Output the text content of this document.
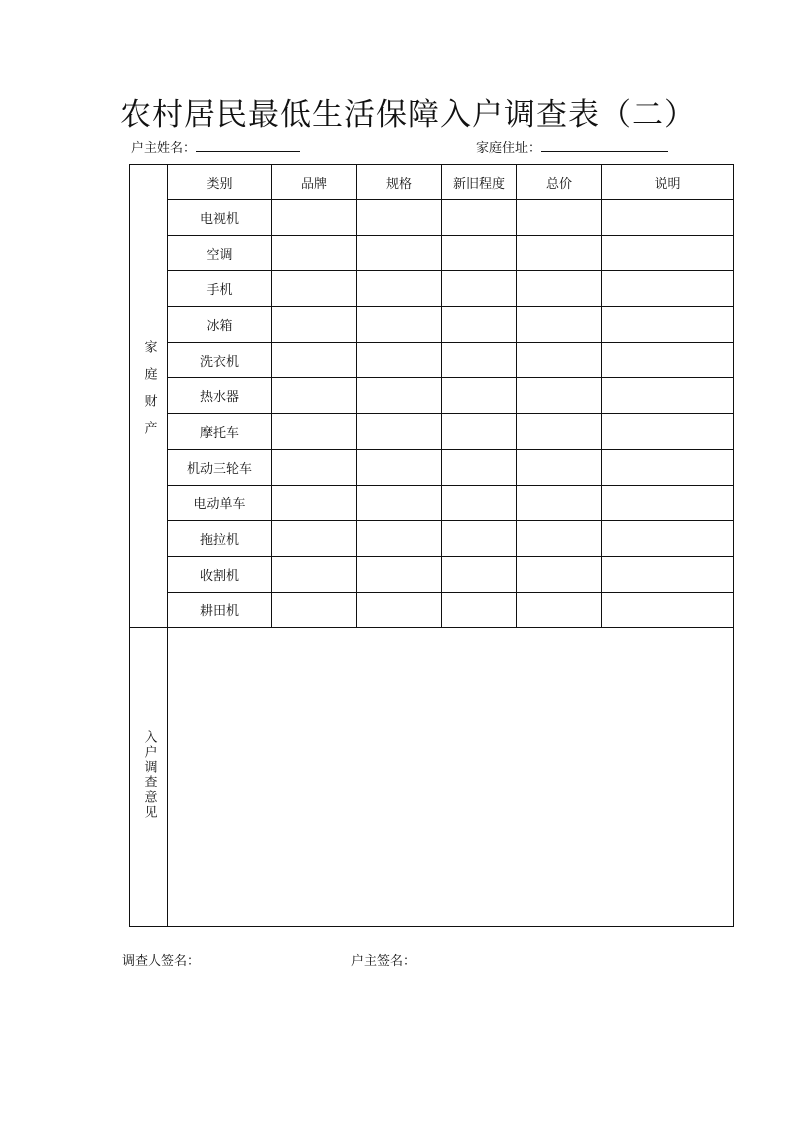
农村居民最低生活保障入户调查表（二）
户主姓名：	家庭住址：
家庭财产	类别	品牌	规格	新旧程度	总价	说明
	电视机					
	空调					
	手机					
	冰箱					
	洗衣机					
	热水器					
	摩托车					
	机动三轮车					
	电动单车					
	拖拉机					
	收割机					
	耕田机					
入户调查意见						
调查人签名：	户主签名：
